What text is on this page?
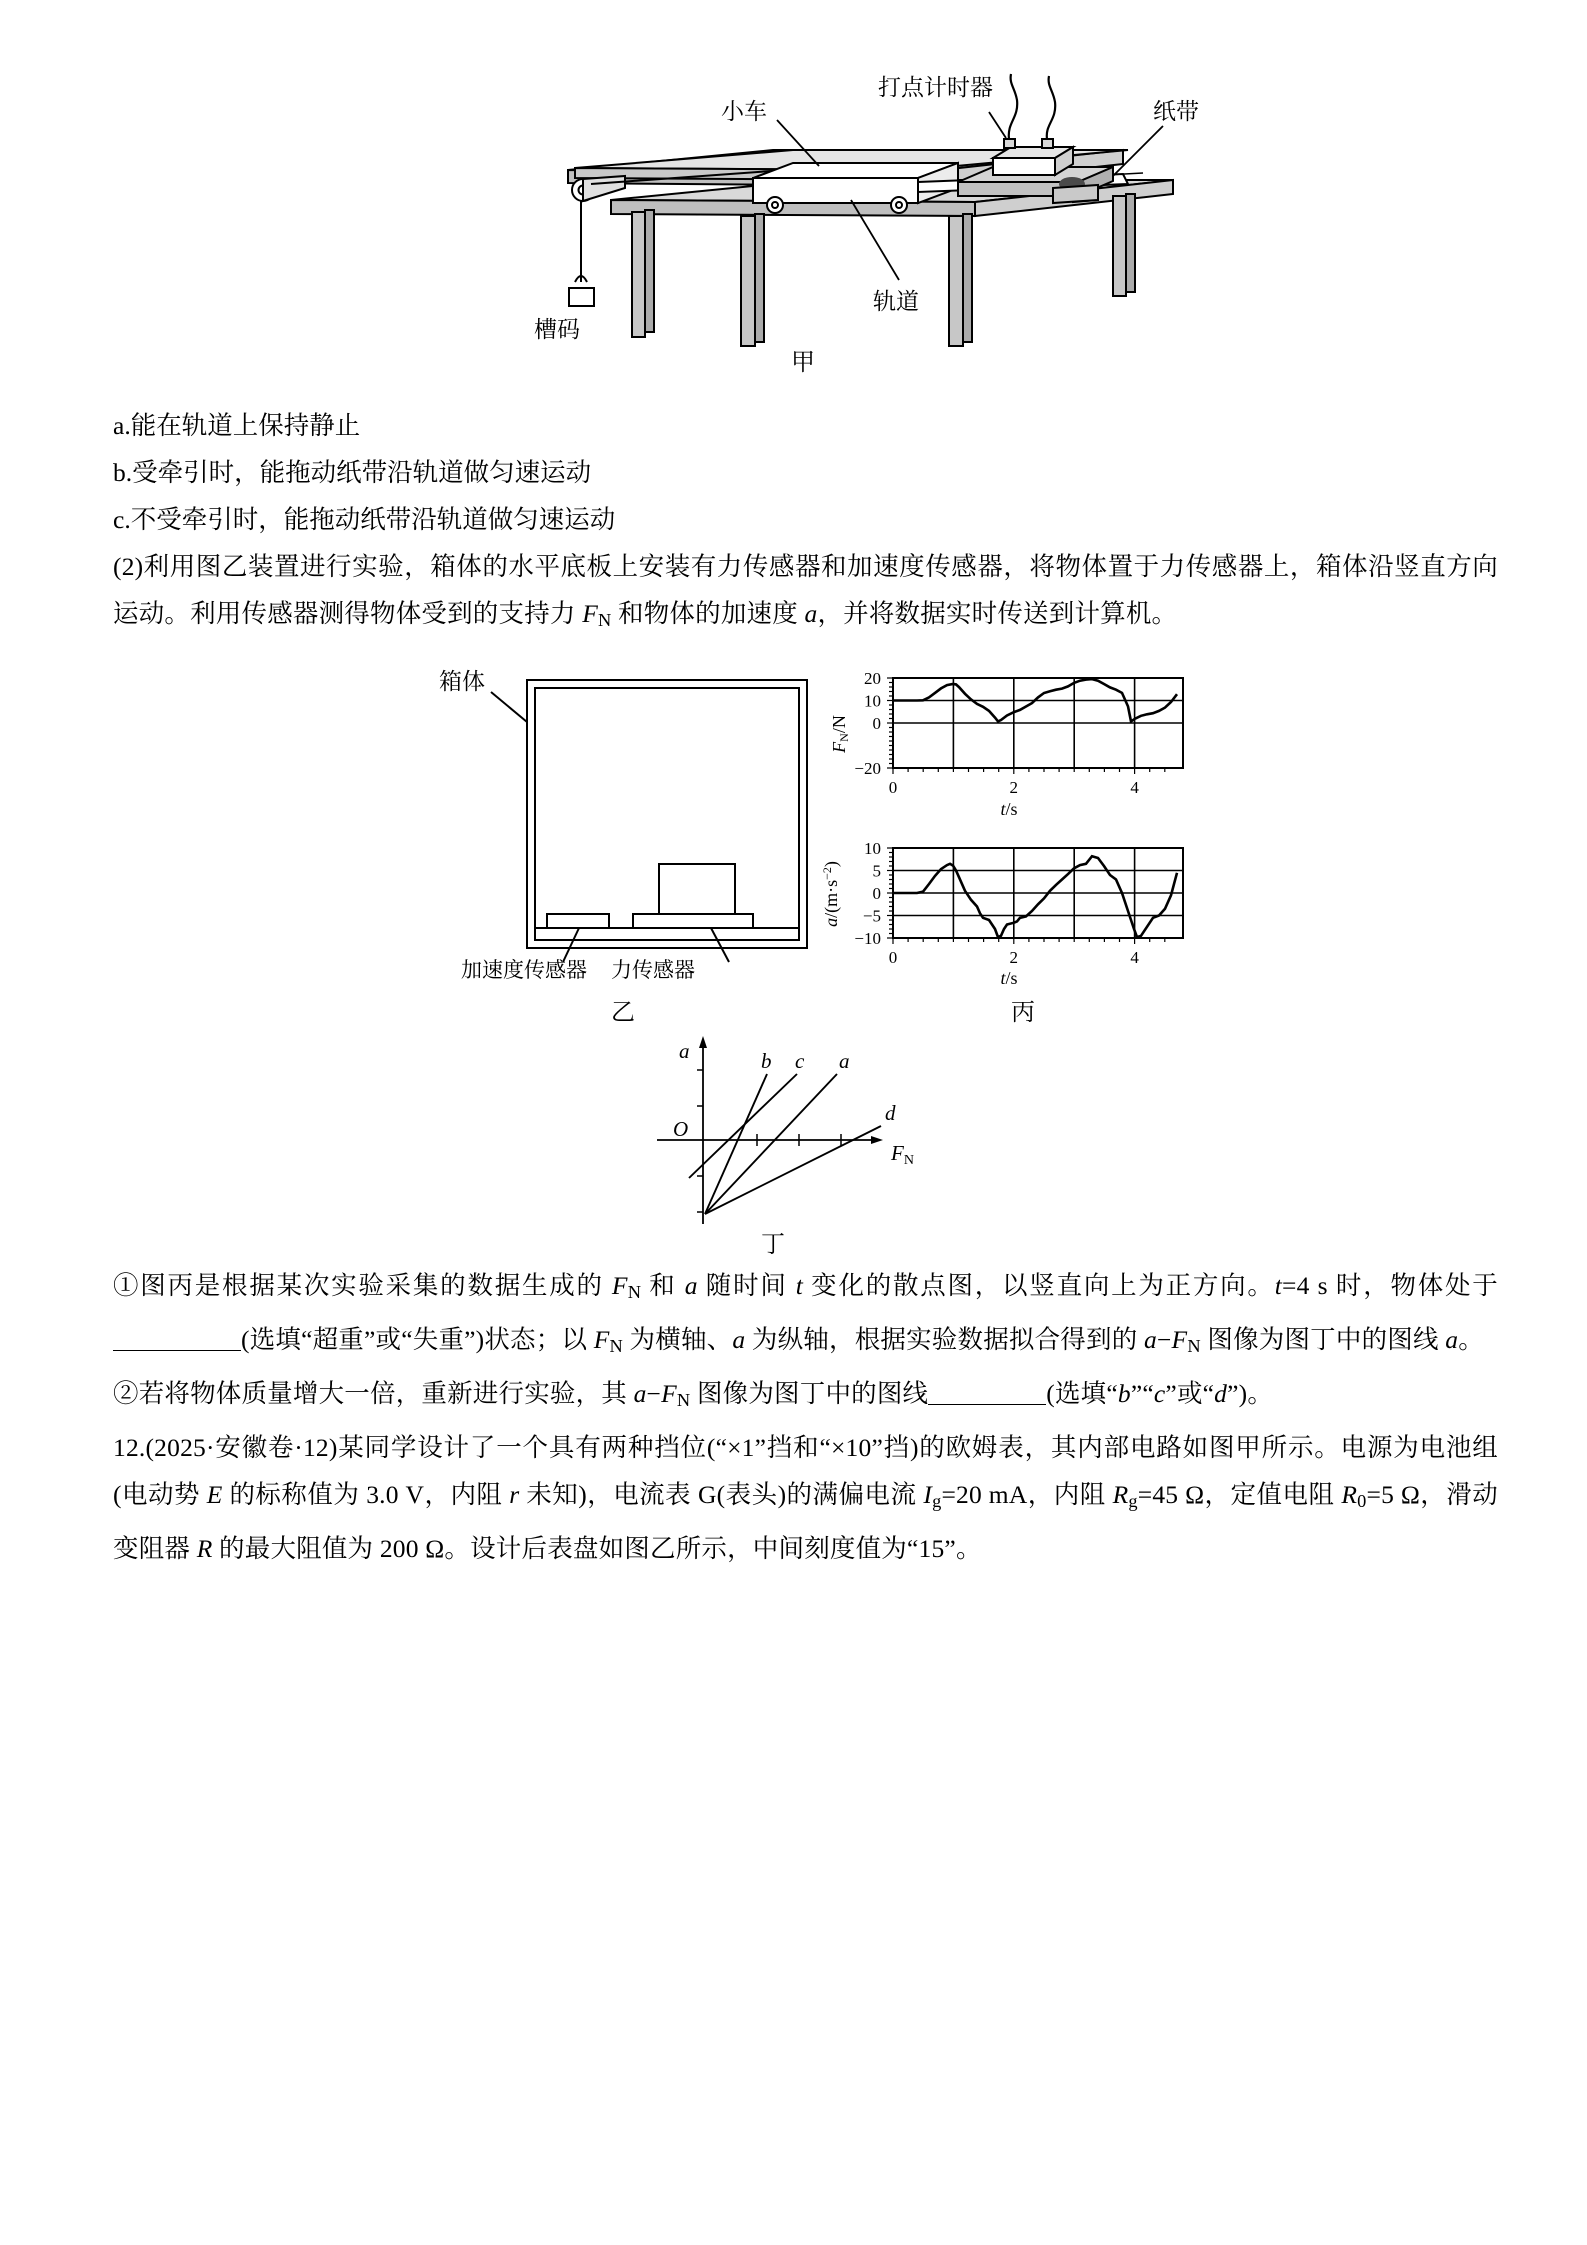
打点计时器
小车	纸带
槽码
轨道
甲

a.能在轨道上保持静止

b.受牵引时，能拖动纸带沿轨道做匀速运动

c.不受牵引时，能拖动纸带沿轨道做匀速运动

(2)利用图乙装置进行实验，箱体的水平底板上安装有力传感器和加速度传感器，将物体置于力传感器上，箱体沿竖直方向运动。利用传感器测得物体受到的支持力 $F_N$ 和物体的加速度 a，并将数据实时传送到计算机。

箱体
加速度传感器 力传感器
乙
20
10
0
−20
0	2	4
t/s
FN/N
10
5
0
−5
−10
0	2	4
t/s
$a/(m\cdot s^{-2})$
丙
a
O
FN
b c a
d
丁

①图丙是根据某次实验采集的数据生成的 $F_N$ 和 a 随时间 t 变化的散点图，以竖直向上为正方向。t=4 s 时，物体处于(选填“超重”或“失重”)状态；以 $F_N$ 为横轴、a 为纵轴，根据实验数据拟合得到的 $a-F_N$ 图像为图丁中的图线 a。

②若将物体质量增大一倍，重新进行实验，其 $a-F_N$ 图像为图丁中的图线	(选填“b”“c”或“d”)。

12.(2025·安徽卷·12)某同学设计了一个具有两种挡位(“×1”挡和“×10”挡)的欧姆表，其内部电路如图甲所示。电源为电池组(电动势 E 的标称值为 3.0 V，内阻 r 未知)，电流表 G(表头)的满偏电流 $I_g=20$ mA，内阻 $R_g=45$ Ω，定值电阻 $R_0=5$ Ω，滑动变阻器 R 的最大阻值为 200 Ω。设计后表盘如图乙所示，中间刻度值为“15”。
